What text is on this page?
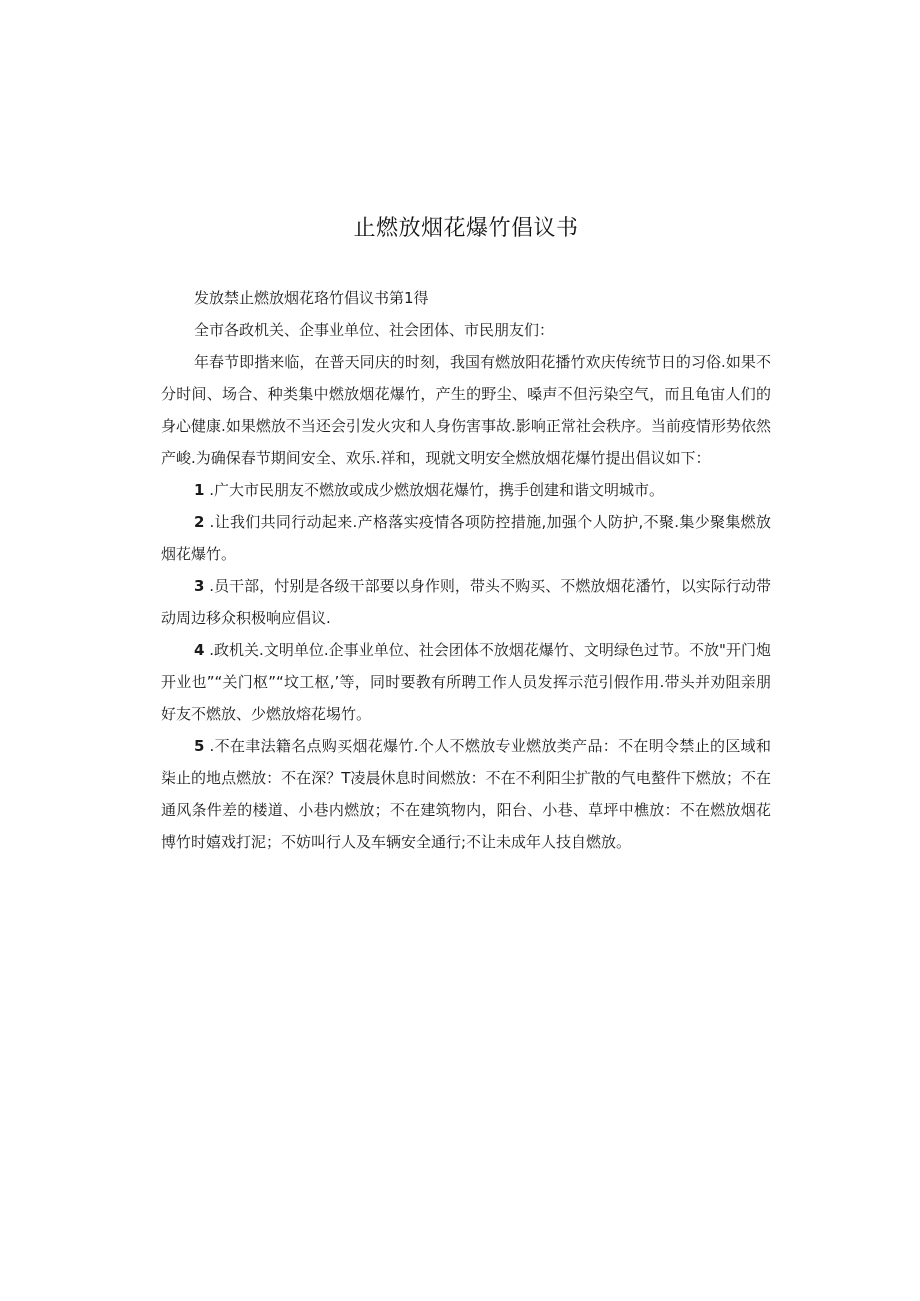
止燃放烟花爆竹倡议书

发放禁止燃放烟花珞竹倡议书第1得

全市各政机关、企事业单位、社会团体、市民朋友们：

年春节即揩来临，在普天同庆的时刻，我国有燃放阳花播竹欢庆传统节日的习俗.如果不分时间、场合、种类集中燃放烟花爆竹，产生的野尘、嗓声不但污染空气，而且龟宙人们的身心健康.如果燃放不当还会引发火灾和人身伤害事故.影响正常社会秩序。当前疫情形势依然产峻.为确保春节期间安全、欢乐.祥和，现就文明安全燃放烟花爆竹提出倡议如下：

1 .广大市民朋友不燃放或成少燃放烟花爆竹，携手创建和谐文明城市。

2 .让我们共同行动起来.产格落实疫情各项防控措施,加强个人防护,不聚.集少聚集燃放烟花爆竹。

3 .员干部，忖别是各级干部要以身作则，带头不购买、不燃放烟花潘竹，以实际行动带动周边移众积极响应倡议.

4 .政机关.文明单位.企事业单位、社会团体不放烟花爆竹、文明绿色过节。不放"开门炮开业也”“关门枢”“坟工枢,’等，同时要教有所聘工作人员发挥示范引假作用.带头并劝阻亲朋好友不燃放、少燃放熔花埸竹。

5 .不在聿法籍名点购买烟花爆竹.个人不燃放专业燃放类产品：不在明令禁止的区域和柒止的地点燃放：不在深？T凌晨休息时间燃放：不在不利阳尘扩散的气电螯件下燃放；不在通风条件差的楼道、小巷内燃放；不在建筑物内，阳台、小巷、草坪中樵放：不在燃放烟花博竹时嬉戏打泥；不妨叫行人及车辆安全通行;不让未成年人技自燃放。
